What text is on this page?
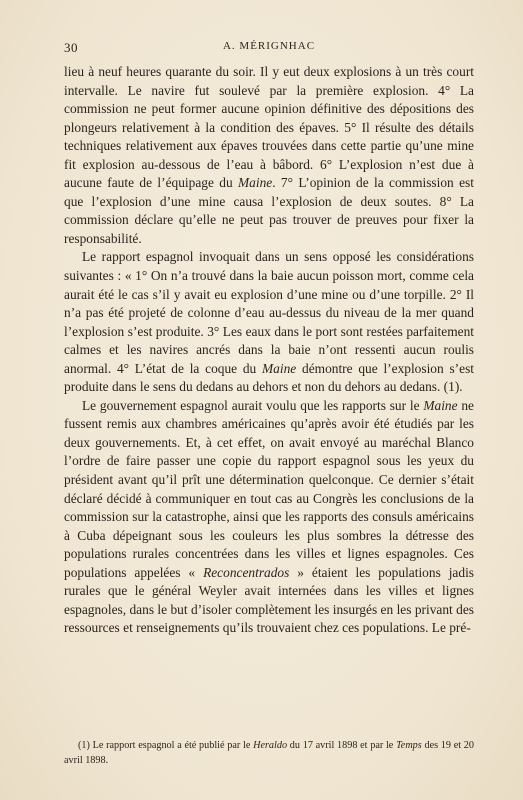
30	A. MÉRIGNHAC

lieu à neuf heures quarante du soir. Il y eut deux explosions à un très court intervalle. Le navire fut soulevé par la première explosion. 4° La commission ne peut former aucune opinion définitive des dépositions des plongeurs relativement à la condition des épaves. 5° Il résulte des détails techniques relativement aux épaves trouvées dans cette partie qu’une mine fit explosion au-dessous de l’eau à bâbord. 6° L’explosion n’est due à aucune faute de l’équipage du Maine. 7° L’opinion de la commission est que l’explosion d’une mine causa l’explosion de deux soutes. 8° La commission déclare qu’elle ne peut pas trouver de preuves pour fixer la responsabilité.

Le rapport espagnol invoquait dans un sens opposé les considérations suivantes : « 1° On n’a trouvé dans la baie aucun poisson mort, comme cela aurait été le cas s’il y avait eu explosion d’une mine ou d’une torpille. 2° Il n’a pas été projeté de colonne d’eau au-dessus du niveau de la mer quand l’explosion s’est produite. 3° Les eaux dans le port sont restées parfaitement calmes et les navires ancrés dans la baie n’ont ressenti aucun roulis anormal. 4° L’état de la coque du Maine démontre que l’explosion s’est produite dans le sens du dedans au dehors et non du dehors au dedans. (1).

Le gouvernement espagnol aurait voulu que les rapports sur le Maine ne fussent remis aux chambres américaines qu’après avoir été étudiés par les deux gouvernements. Et, à cet effet, on avait envoyé au maréchal Blanco l’ordre de faire passer une copie du rapport espagnol sous les yeux du président avant qu’il prît une détermination quelconque. Ce dernier s’était déclaré décidé à communiquer en tout cas au Congrès les conclusions de la commission sur la catastrophe, ainsi que les rapports des consuls américains à Cuba dépeignant sous les couleurs les plus sombres la détresse des populations rurales concentrées dans les villes et lignes espagnoles. Ces populations appelées « Reconcentrados » étaient les populations jadis rurales que le général Weyler avait internées dans les villes et lignes espagnoles, dans le but d’isoler complètement les insurgés en les privant des ressources et renseignements qu’ils trouvaient chez ces populations. Le pré-

(1) Le rapport espagnol a été publié par le Heraldo du 17 avril 1898 et par le Temps des 19 et 20 avril 1898.
